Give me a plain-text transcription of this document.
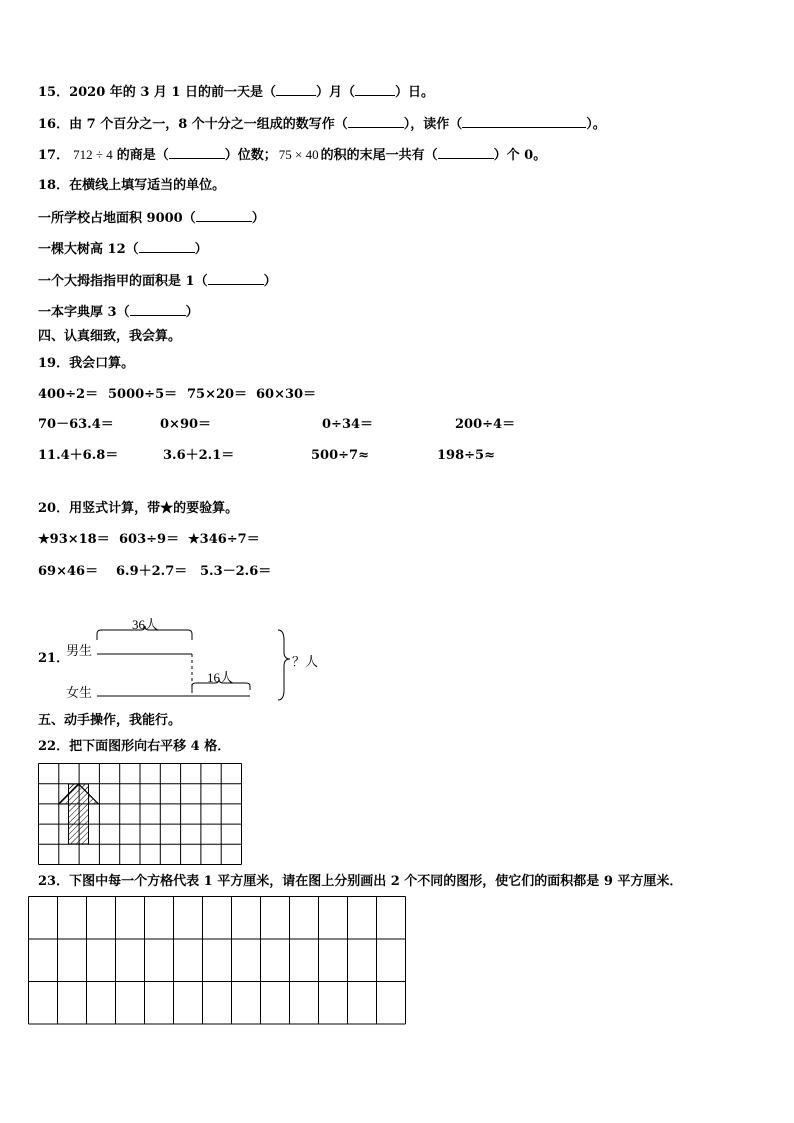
15．2020 年的 3 月 1 日的前一天是（	）月（	）日。
16．由 7 个百分之一，8 个十分之一组成的数写作（	），读作（	）。
17． 712 ÷ 4 的商是（	）位数； 75 × 40 的积的末尾一共有（	）个 0。
18．在横线上填写适当的单位。
一所学校占地面积 9000（	）
一棵大树高 12（	）
一个大拇指指甲的面积是 1（	）
一本字典厚 3（	）
四、认真细致，我会算。
19．我会口算。
400÷2＝ 5000÷5＝ 75×20＝ 60×30＝
70－63.4＝	0×90＝	0÷34＝	200÷4＝
11.4＋6.8＝	3.6＋2.1＝	500÷7≈	198÷5≈
20．用竖式计算，带★的要验算。
★93×18＝ 603÷9＝ ★346÷7＝
69×46＝ 6.9＋2.7＝ 5.3－2.6＝
21．
男生
女生
36人
16人
？人
五、动手操作，我能行。
22．把下面图形向右平移 4 格．
23．下图中每一个方格代表 1 平方厘米，请在图上分别画出 2 个不同的图形，使它们的面积都是 9 平方厘米．
